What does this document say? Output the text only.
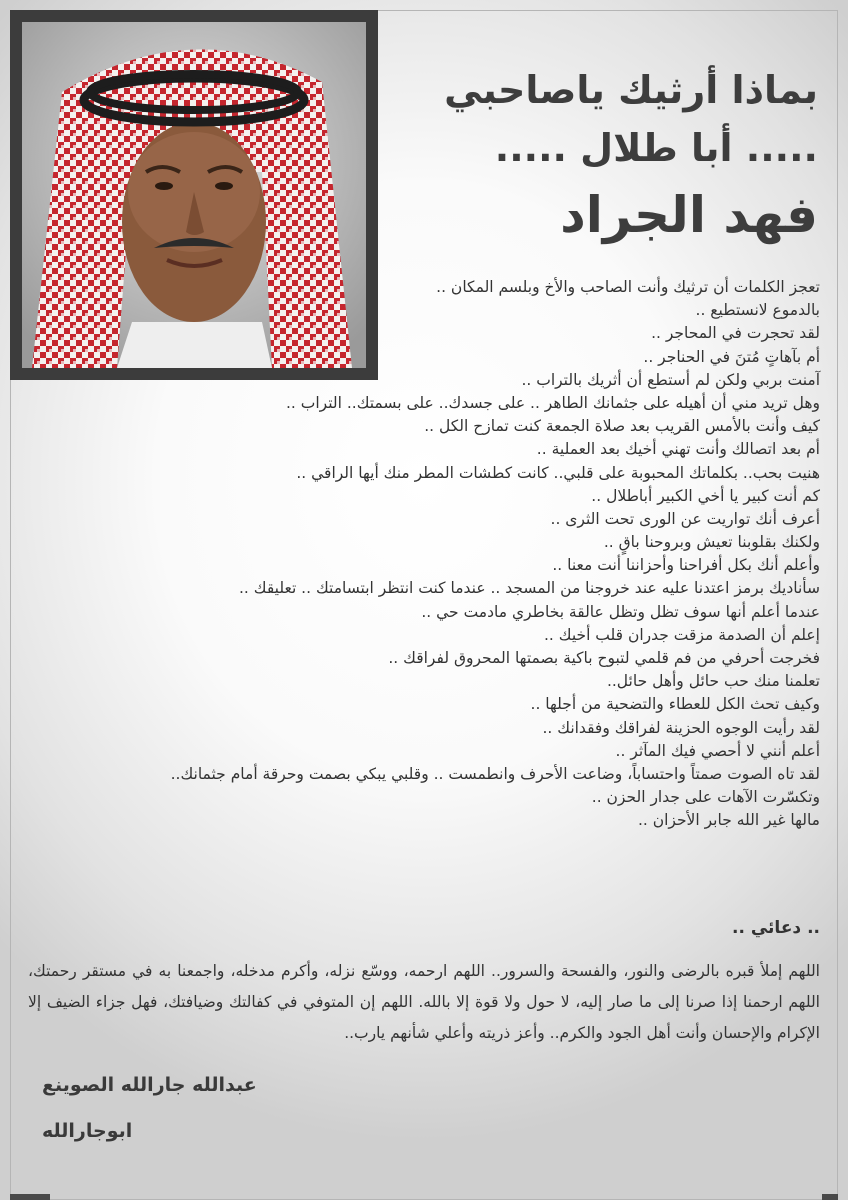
بماذا أرثيك ياصاحبي
..... أبا طلال .....
فهد الجراد
تعجز الكلمات أن ترثيك وأنت الصاحب والأخ وبلسم المكان ..
بالدموع لانستطيع ..
لقد تحجرت في المحاجر ..
أم بآهاتٍ مُتنَ في الحناجر ..
آمنت بربي ولكن لم أستطع أن أثريك بالتراب ..
وهل تريد مني أن أهيله على جثمانك الطاهر .. على جسدك.. على بسمتك.. التراب ..
كيف وأنت بالأمس القريب بعد صلاة الجمعة كنت تمازح الكل ..
أم بعد اتصالك وأنت تهني أخيك بعد العملية ..
هنيت بحب.. بكلماتك المحبوبة على قلبي.. كانت كطشات المطر منك أيها الراقي ..
كم أنت كبير يا أخي الكبير أباطلال ..
أعرف أنك تواريت عن الورى تحت الثرى ..
ولكنك بقلوبنا تعيش وبروحنا باقٍ ..
وأعلم أنك بكل أفراحنا وأحزاننا أنت معنا ..
سأناديك برمز اعتدنا عليه عند خروجنا من المسجد .. عندما كنت انتظر ابتسامتك .. تعليقك ..
عندما أعلم أنها سوف تظل وتظل عالقة بخاطري مادمت حي ..
إعلم أن الصدمة مزقت جدران قلب أخيك ..
فخرجت أحرفي من فم قلمي لتبوح باكية بصمتها المحروق لفراقك ..
تعلمنا منك حب حائل وأهل حائل..
وكيف تحث الكل للعطاء والتضحية من أجلها ..
لقد رأيت الوجوه الحزينة لفراقك وفقدانك ..
أعلم أنني لا أحصي فيك المآثر ..
لقد تاه الصوت صمتاً واحتساباً، وضاعت الأحرف وانطمست .. وقلبي يبكي بصمت وحرقة أمام جثمانك..
وتكسّرت الآهات على جدار الحزن ..
مالها غير الله جابر الأحزان ..
.. دعائي ..

اللهم إملأ قبره بالرضى والنور، والفسحة والسرور.. اللهم ارحمه، ووسّع نزله، وأكرم مدخله، واجمعنا به في مستقر رحمتك، اللهم ارحمنا إذا صرنا إلى ما صار إليه، لا حول ولا قوة إلا بالله. اللهم إن المتوفي في كفالتك وضيافتك، فهل جزاء الضيف إلا الإكرام والإحسان وأنت أهل الجود والكرم.. وأعز ذريته وأعلي شأنهم يارب..

عبدالله جارالله الصوينع
ابوجارالله
